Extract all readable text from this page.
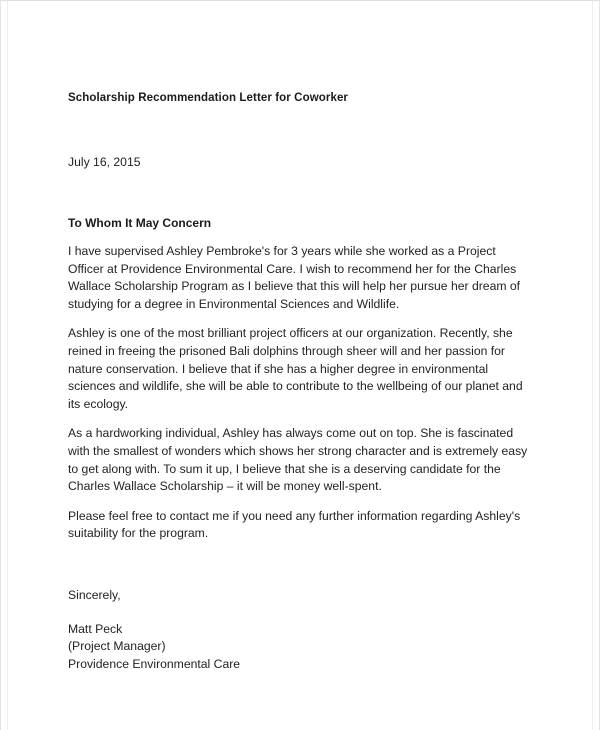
Scholarship Recommendation Letter for Coworker

July 16, 2015

To Whom It May Concern

I have supervised Ashley Pembroke's for 3 years while she worked as a Project Officer at Providence Environmental Care. I wish to recommend her for the Charles Wallace Scholarship Program as I believe that this will help her pursue her dream of studying for a degree in Environmental Sciences and Wildlife.

Ashley is one of the most brilliant project officers at our organization. Recently, she reined in freeing the prisoned Bali dolphins through sheer will and her passion for nature conservation. I believe that if she has a higher degree in environmental sciences and wildlife, she will be able to contribute to the wellbeing of our planet and its ecology.

As a hardworking individual, Ashley has always come out on top. She is fascinated with the smallest of wonders which shows her strong character and is extremely easy to get along with. To sum it up, I believe that she is a deserving candidate for the Charles Wallace Scholarship – it will be money well-spent.

Please feel free to contact me if you need any further information regarding Ashley's suitability for the program.

Sincerely,

Matt Peck

(Project Manager)

Providence Environmental Care
